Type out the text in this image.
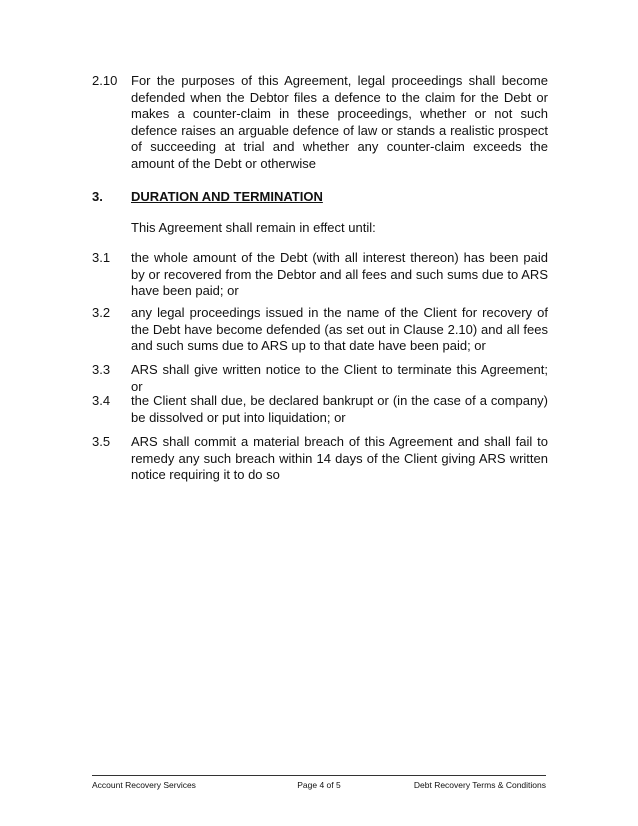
2.10	For the purposes of this Agreement, legal proceedings shall become defended when the Debtor files a defence to the claim for the Debt or makes a counter-claim in these proceedings, whether or not such defence raises an arguable defence of law or stands a realistic prospect of succeeding at trial and whether any counter-claim exceeds the amount of the Debt or otherwise
3. DURATION AND TERMINATION
This Agreement shall remain in effect until:
3.1	the whole amount of the Debt (with all interest thereon) has been paid by or recovered from the Debtor and all fees and such sums due to ARS have been paid; or
3.2	any legal proceedings issued in the name of the Client for recovery of the Debt have become defended (as set out in Clause 2.10) and all fees and such sums due to ARS up to that date have been paid; or
3.3	ARS shall give written notice to the Client to terminate this Agreement; or
3.4	the Client shall due, be declared bankrupt or (in the case of a company) be dissolved or put into liquidation; or
3.5	ARS shall commit a material breach of this Agreement and shall fail to remedy any such breach within 14 days of the Client giving ARS written notice requiring it to do so
Account Recovery Services	Page 4 of 5	Debt Recovery Terms & Conditions
